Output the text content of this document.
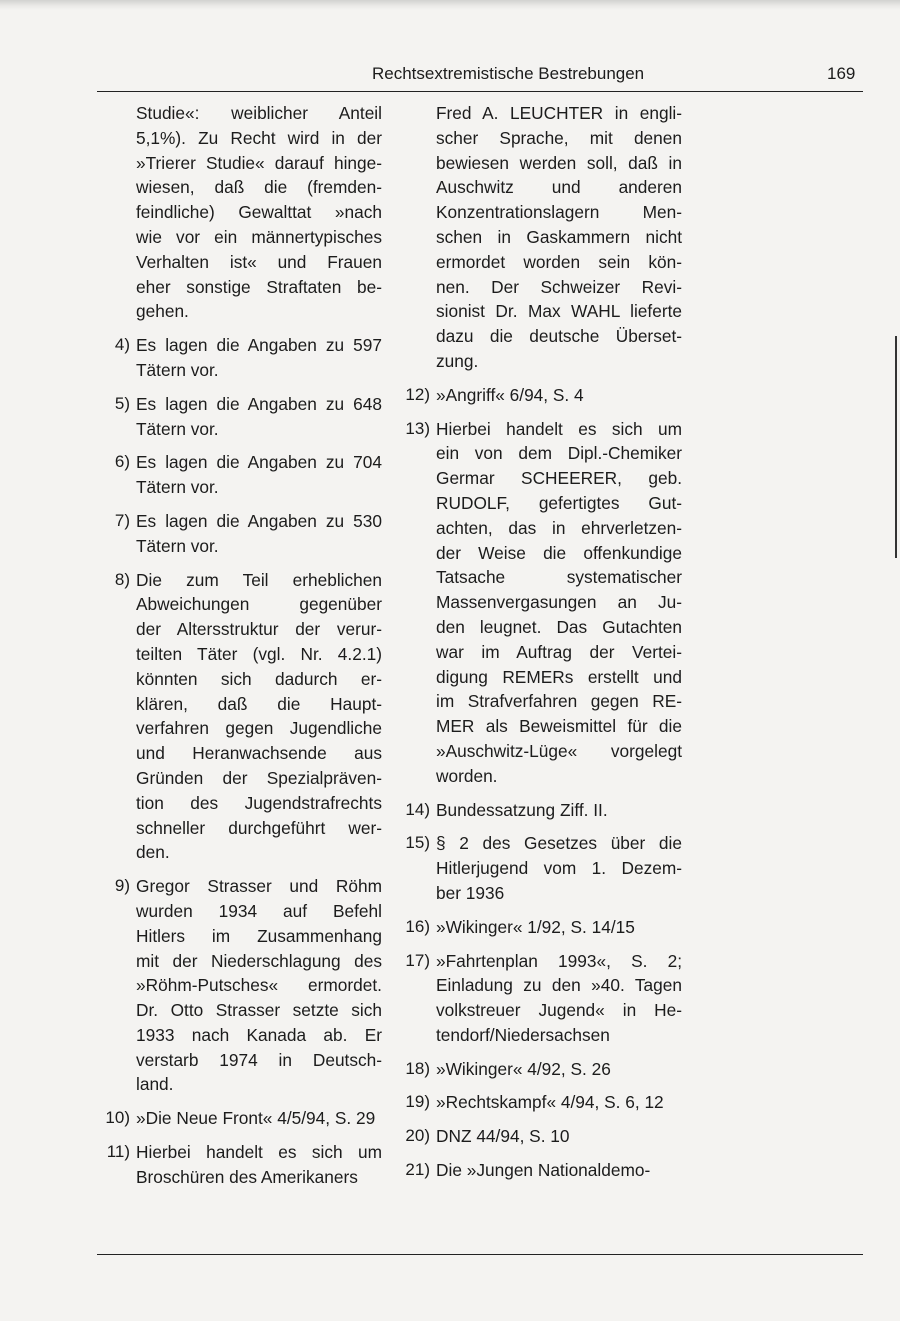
Rechtsextremistische Bestrebungen	169
Studie«: weiblicher Anteil
5,1%). Zu Recht wird in der
»Trierer Studie« darauf hinge-
wiesen, daß die (fremden-
feindliche) Gewalttat »nach
wie vor ein männertypisches
Verhalten ist« und Frauen
eher sonstige Straftaten be-
gehen.
4) Es lagen die Angaben zu 597
Tätern vor.
5) Es lagen die Angaben zu 648
Tätern vor.
6) Es lagen die Angaben zu 704
Tätern vor.
7) Es lagen die Angaben zu 530
Tätern vor.
8) Die zum Teil erheblichen
Abweichungen gegenüber
der Altersstruktur der verur-
teilten Täter (vgl. Nr. 4.2.1)
könnten sich dadurch er-
klären, daß die Haupt-
verfahren gegen Jugendliche
und Heranwachsende aus
Gründen der Spezialpräven-
tion des Jugendstrafrechts
schneller durchgeführt wer-
den.
9) Gregor Strasser und Röhm
wurden 1934 auf Befehl
Hitlers im Zusammenhang
mit der Niederschlagung des
»Röhm-Putsches« ermordet.
Dr. Otto Strasser setzte sich
1933 nach Kanada ab. Er
verstarb 1974 in Deutsch-
land.
10) »Die Neue Front« 4/5/94, S. 29
11) Hierbei handelt es sich um
Broschüren des Amerikaners
Fred A. LEUCHTER in engli-
scher Sprache, mit denen
bewiesen werden soll, daß in
Auschwitz und anderen
Konzentrationslagern Men-
schen in Gaskammern nicht
ermordet worden sein kön-
nen. Der Schweizer Revi-
sionist Dr. Max WAHL lieferte
dazu die deutsche Überset-
zung.
12) »Angriff« 6/94, S. 4
13) Hierbei handelt es sich um
ein von dem Dipl.-Chemiker
Germar SCHEERER, geb.
RUDOLF, gefertigtes Gut-
achten, das in ehrverletzen-
der Weise die offenkundige
Tatsache systematischer
Massenvergasungen an Ju-
den leugnet. Das Gutachten
war im Auftrag der Vertei-
digung REMERs erstellt und
im Strafverfahren gegen RE-
MER als Beweismittel für die
»Auschwitz-Lüge« vorgelegt
worden.
14) Bundessatzung Ziff. II.
15) § 2 des Gesetzes über die
Hitlerjugend vom 1. Dezem-
ber 1936
16) »Wikinger« 1/92, S. 14/15
17) »Fahrtenplan 1993«, S. 2;
Einladung zu den »40. Tagen
volkstreuer Jugend« in He-
tendorf/Niedersachsen
18) »Wikinger« 4/92, S. 26
19) »Rechtskampf« 4/94, S. 6, 12
20) DNZ 44/94, S. 10
21) Die »Jungen Nationaldemo-
